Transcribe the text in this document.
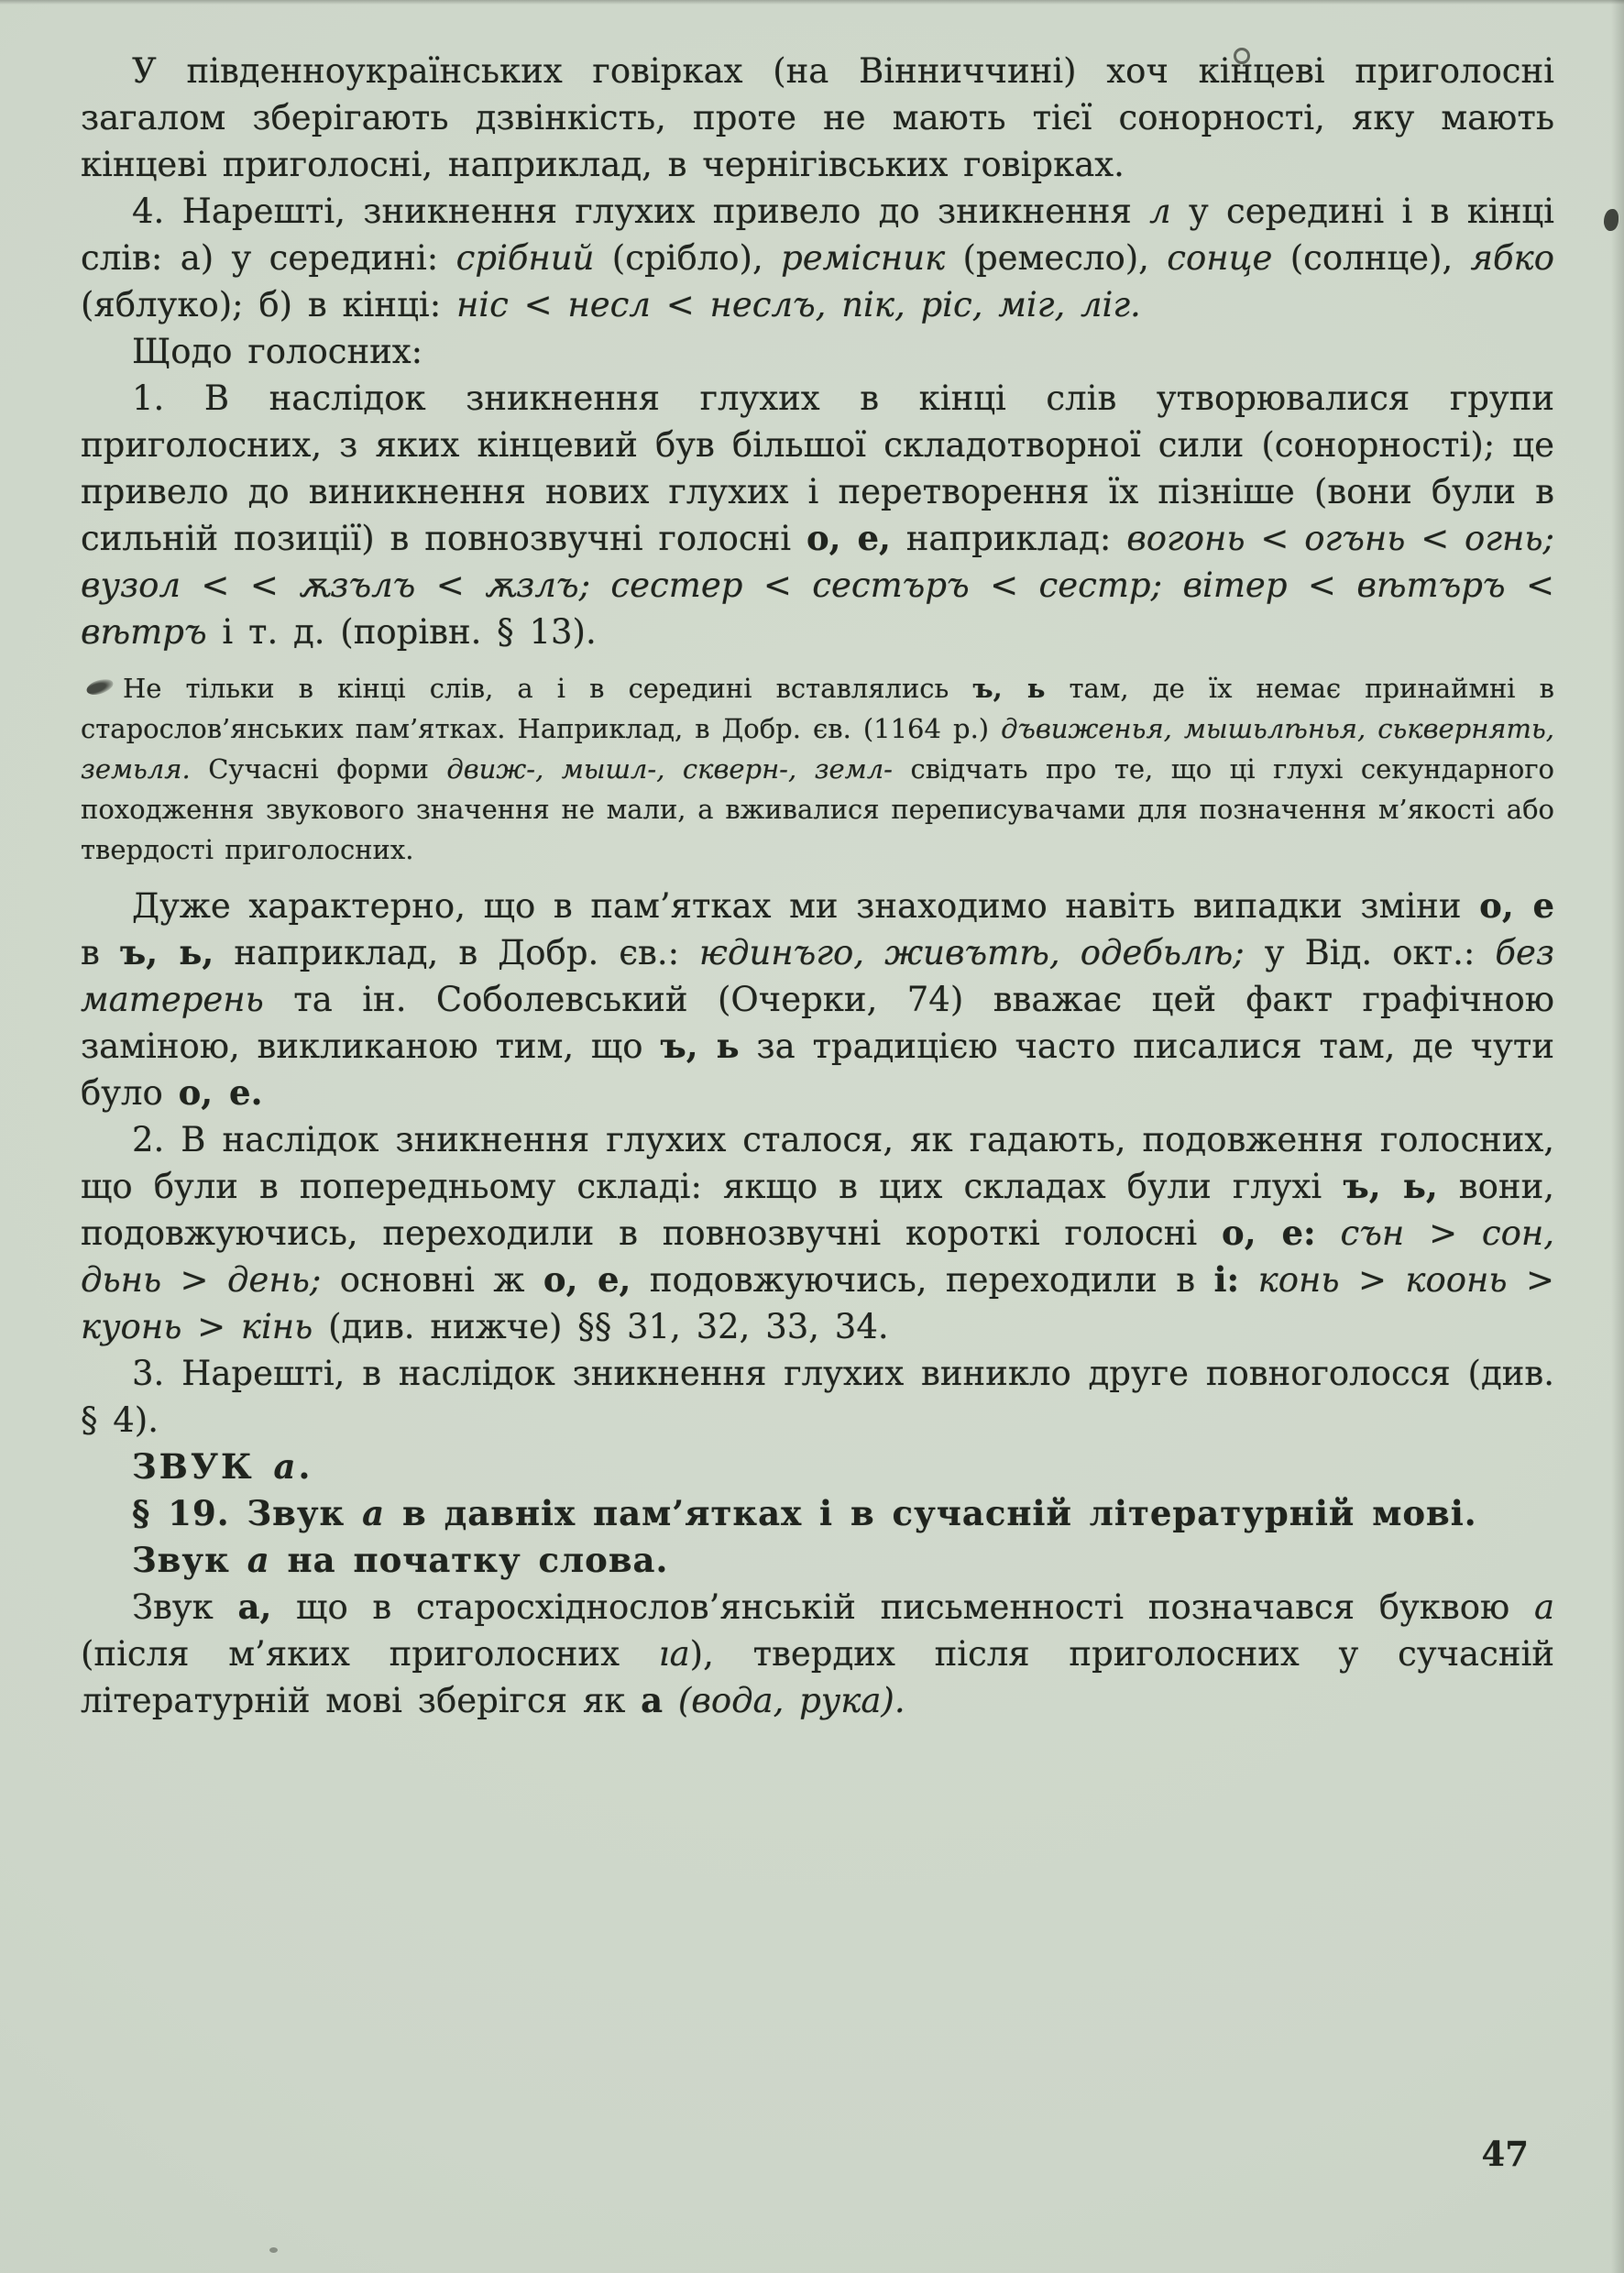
У південноукраїнських говірках (на Вінниччині) хоч кінцеві приголосні загалом зберігають дзвінкість, проте не мають тієї сонорності, яку мають кінцеві приголосні, наприклад, в чернігівських говірках.

4. Нарешті, зникнення глухих привело до зникнення л у середині і в кінці слів: а) у середині: срібний (срібло), ремісник (ремесло), сонце (солнце), ябко (яблуко); б) в кінці: ніс < несл < неслъ, пік, ріс, міг, ліг.

Щодо голосних:

1. В наслідок зникнення глухих в кінці слів утворювалися групи приголосних, з яких кінцевий був більшої складотворної сили (сонорності); це привело до виникнення нових глухих і перетворення їх пізніше (вони були в сильній позиції) в повнозвучні голосні о, е, наприклад: вогонь < огънь < огнь; вузол < < ѫзълъ < ѫзлъ; сестер < сестъръ < сестр; вітер < вѣтъръ < вѣтръ і т. д. (порівн. § 13).

Не тільки в кінці слів, а і в середині вставлялись ъ, ь там, де їх немає принаймні в старослов’янських пам’ятках. Наприклад, в Добр. єв. (1164 р.) дъвиженья, мышьлѣнья, ськвернять, земьля. Сучасні форми движ-, мышл-, скверн-, земл- свідчать про те, що ці глухі секундарного походження звукового значення не мали, а вживалися переписувачами для позначення м’якості або твердості приголосних.

Дуже характерно, що в пам’ятках ми знаходимо навіть випадки зміни о, е в ъ, ь, наприклад, в Добр. єв.: ѥдинъго, живътѣ, одебьлѣ; у Від. окт.: без матерень та ін. Соболевський (Очерки, 74) вважає цей факт графічною заміною, викликаною тим, що ъ, ь за традицією часто писалися там, де чути було о, е.

2. В наслідок зникнення глухих сталося, як гадають, подовження голосних, що були в попередньому складі: якщо в цих складах були глухі ъ, ь, вони, подовжуючись, переходили в повнозвучні короткі голосні о, е: сън > сон, дьнь > день; основні ж о, е, подовжуючись, переходили в і: конь > коонь > куонь > кінь (див. нижче) §§ 31, 32, 33, 34.

3. Нарешті, в наслідок зникнення глухих виникло друге повноголосся (див. § 4).

ЗВУК а.

§ 19. Звук а в давніх пам’ятках і в сучасній літературній мові.

Звук а на початку слова.

Звук а, що в старосхіднослов’янській письменності позначався буквою а (після м’яких приголосних ıа), твердих після приголосних у сучасній літературній мові зберігся як а (вода, рука).

47
